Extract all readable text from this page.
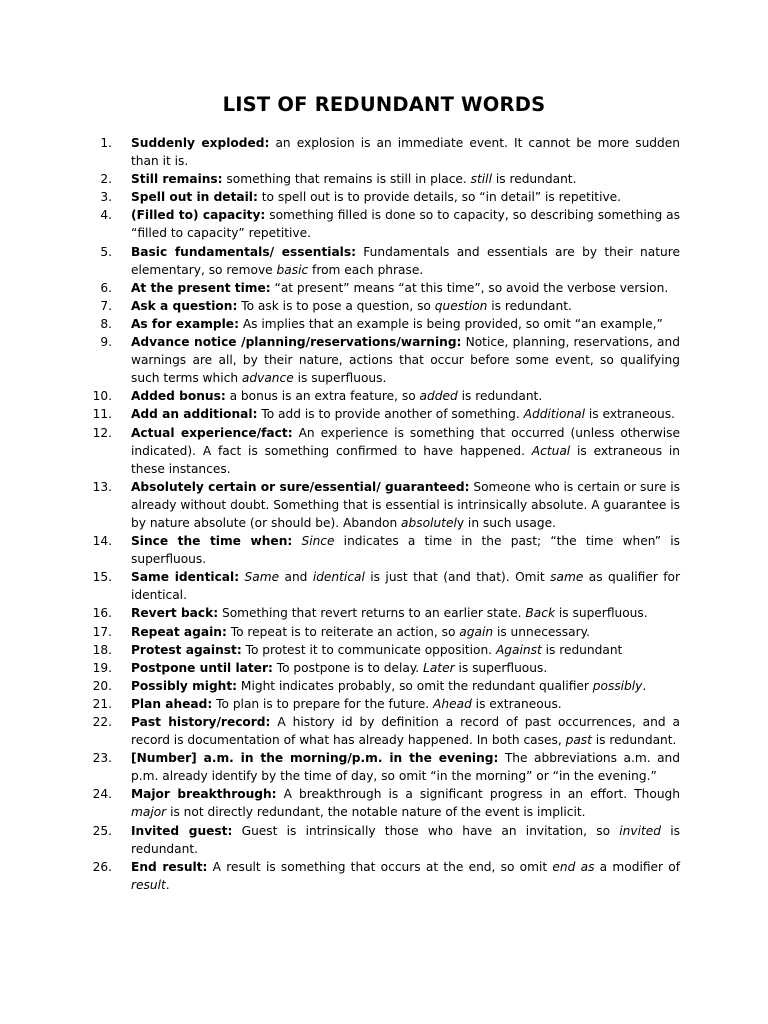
LIST OF REDUNDANT WORDS
1. Suddenly exploded: an explosion is an immediate event. It cannot be more sudden than it is.
2. Still remains: something that remains is still in place. still is redundant.
3. Spell out in detail: to spell out is to provide details, so “in detail” is repetitive.
4. (Filled to) capacity: something filled is done so to capacity, so describing something as “filled to capacity” repetitive.
5. Basic fundamentals/ essentials: Fundamentals and essentials are by their nature elementary, so remove basic from each phrase.
6. At the present time: “at present” means “at this time”, so avoid the verbose version.
7. Ask a question: To ask is to pose a question, so question is redundant.
8. As for example: As implies that an example is being provided, so omit “an example,”
9. Advance notice /planning/reservations/warning: Notice, planning, reservations, and warnings are all, by their nature, actions that occur before some event, so qualifying such terms which advance is superfluous.
10. Added bonus: a bonus is an extra feature, so added is redundant.
11. Add an additional: To add is to provide another of something. Additional is extraneous.
12. Actual experience/fact: An experience is something that occurred (unless otherwise indicated). A fact is something confirmed to have happened. Actual is extraneous in these instances.
13. Absolutely certain or sure/essential/ guaranteed: Someone who is certain or sure is already without doubt. Something that is essential is intrinsically absolute. A guarantee is by nature absolute (or should be). Abandon absolutely in such usage.
14. Since the time when: Since indicates a time in the past; “the time when” is superfluous.
15. Same identical: Same and identical is just that (and that). Omit same as qualifier for identical.
16. Revert back: Something that revert returns to an earlier state. Back is superfluous.
17. Repeat again: To repeat is to reiterate an action, so again is unnecessary.
18. Protest against: To protest it to communicate opposition. Against is redundant
19. Postpone until later: To postpone is to delay. Later is superfluous.
20. Possibly might: Might indicates probably, so omit the redundant qualifier possibly.
21. Plan ahead: To plan is to prepare for the future. Ahead is extraneous.
22. Past history/record: A history id by definition a record of past occurrences, and a record is documentation of what has already happened. In both cases, past is redundant.
23. [Number] a.m. in the morning/p.m. in the evening: The abbreviations a.m. and p.m. already identify by the time of day, so omit “in the morning” or “in the evening.”
24. Major breakthrough: A breakthrough is a significant progress in an effort. Though major is not directly redundant, the notable nature of the event is implicit.
25. Invited guest: Guest is intrinsically those who have an invitation, so invited is redundant.
26. End result: A result is something that occurs at the end, so omit end as a modifier of result.
